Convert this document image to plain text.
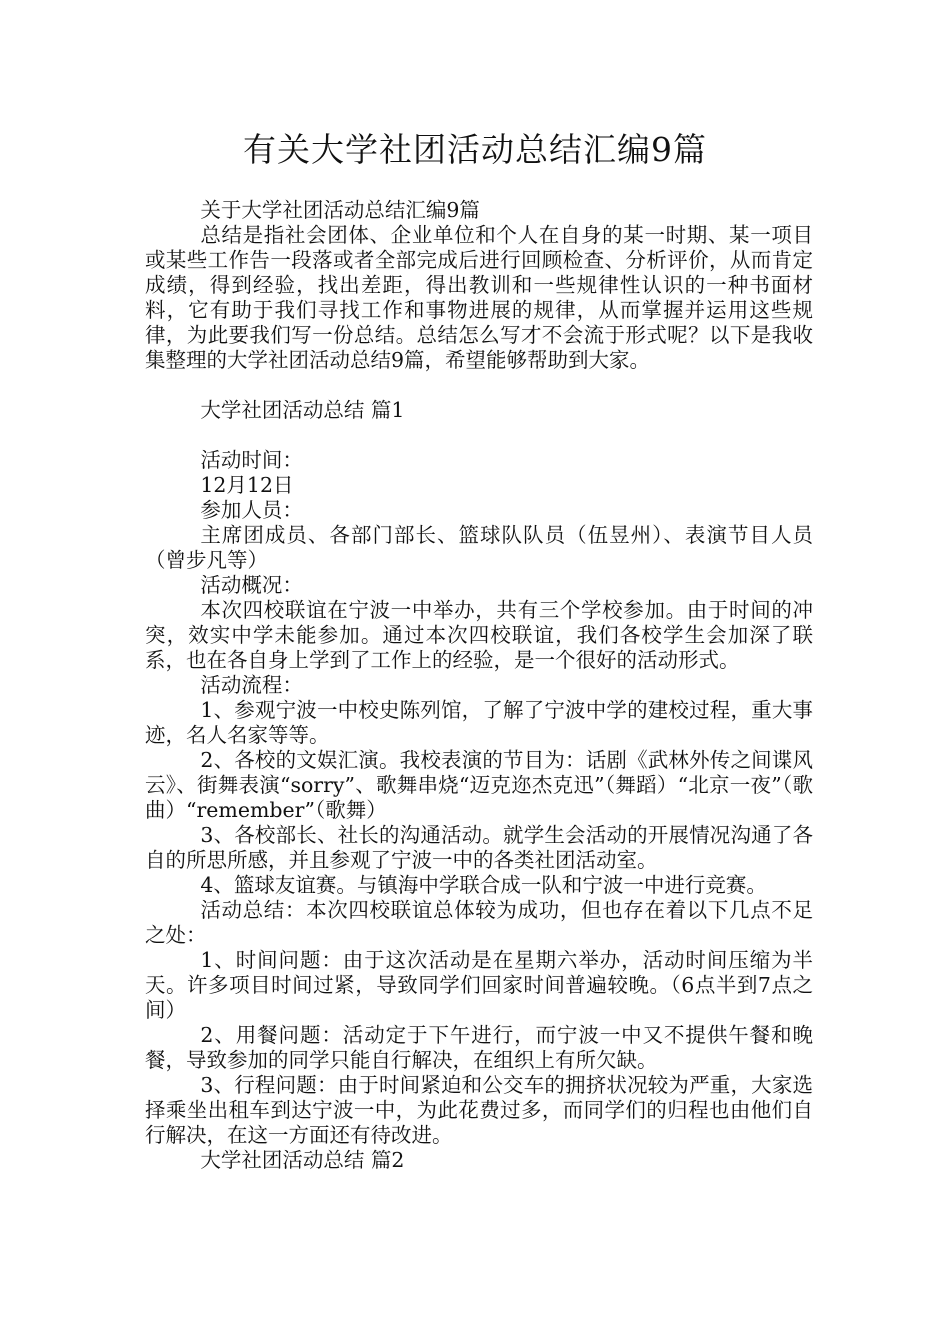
有关大学社团活动总结汇编9篇

关于大学社团活动总结汇编9篇

总结是指社会团体、企业单位和个人在自身的某一时期、某一项目或某些工作告一段落或者全部完成后进行回顾检查、分析评价，从而肯定成绩，得到经验，找出差距，得出教训和一些规律性认识的一种书面材料，它有助于我们寻找工作和事物进展的规律，从而掌握并运用这些规律，为此要我们写一份总结。总结怎么写才不会流于形式呢？以下是我收集整理的大学社团活动总结9篇，希望能够帮助到大家。

大学社团活动总结 篇1

活动时间：

12月12日

参加人员：

主席团成员、各部门部长、篮球队队员（伍昱州）、表演节目人员（曾步凡等）

活动概况：

本次四校联谊在宁波一中举办，共有三个学校参加。由于时间的冲突，效实中学未能参加。通过本次四校联谊，我们各校学生会加深了联系，也在各自身上学到了工作上的经验，是一个很好的活动形式。

活动流程：

1、参观宁波一中校史陈列馆，了解了宁波中学的建校过程，重大事迹，名人名家等等。

2、各校的文娱汇演。我校表演的节目为：话剧《武林外传之间谍风云》、街舞表演“sorry”、歌舞串烧“迈克迩杰克迅”（舞蹈）“北京一夜”（歌曲）“remember”（歌舞）

3、各校部长、社长的沟通活动。就学生会活动的开展情况沟通了各自的所思所感，并且参观了宁波一中的各类社团活动室。

4、篮球友谊赛。与镇海中学联合成一队和宁波一中进行竞赛。

活动总结：本次四校联谊总体较为成功，但也存在着以下几点不足之处：

1、时间问题：由于这次活动是在星期六举办，活动时间压缩为半天。许多项目时间过紧，导致同学们回家时间普遍较晚。（6点半到7点之间）

2、用餐问题：活动定于下午进行，而宁波一中又不提供午餐和晚餐，导致参加的同学只能自行解决，在组织上有所欠缺。

3、行程问题：由于时间紧迫和公交车的拥挤状况较为严重，大家选择乘坐出租车到达宁波一中，为此花费过多，而同学们的归程也由他们自行解决，在这一方面还有待改进。

大学社团活动总结 篇2
